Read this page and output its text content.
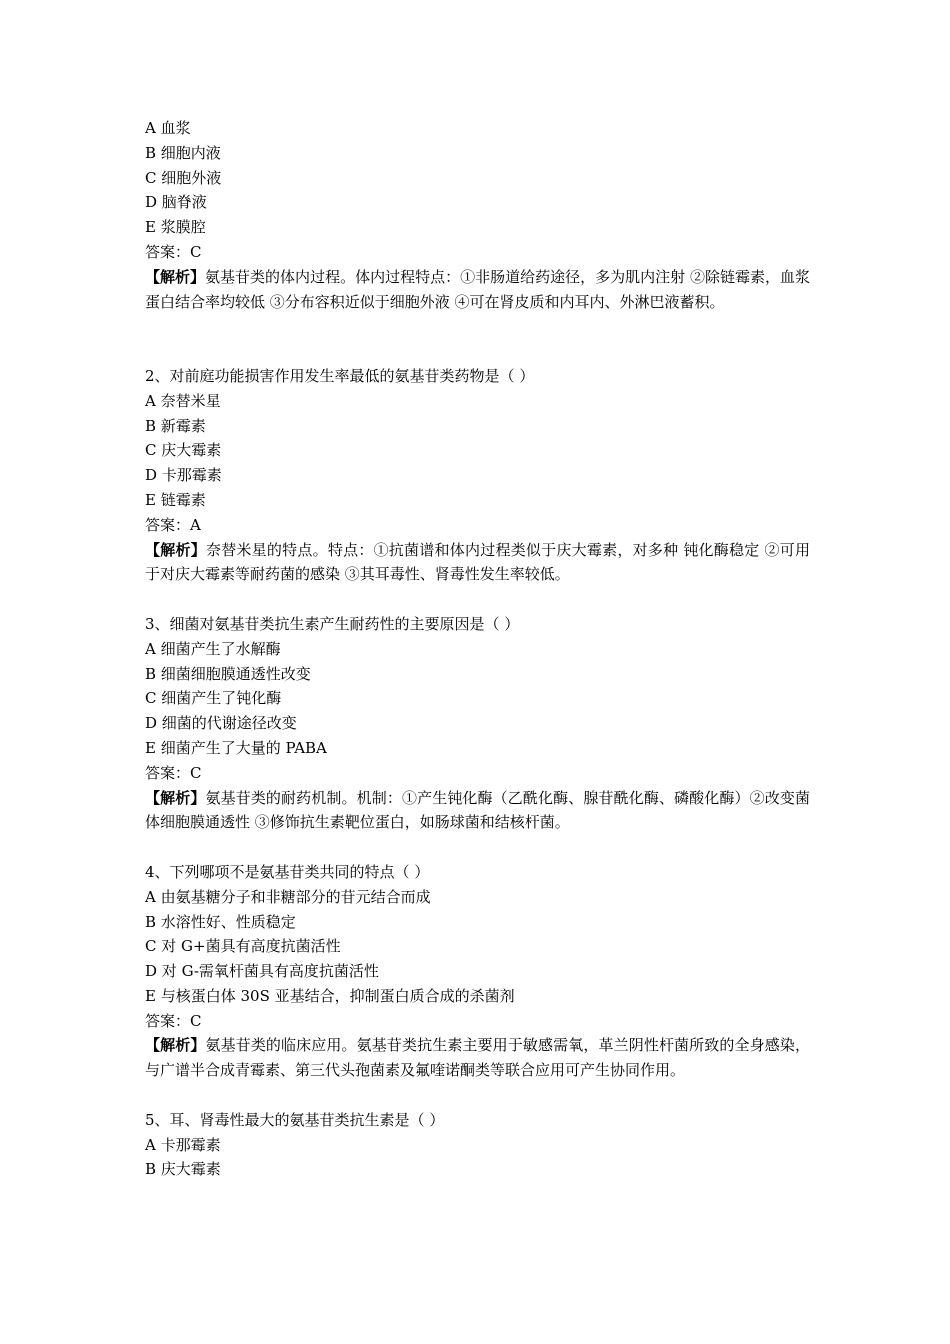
A 血浆

B 细胞内液

C 细胞外液

D 脑脊液

E 浆膜腔

答案：C

【解析】氨基苷类的体内过程。体内过程特点：①非肠道给药途径，多为肌内注射 ②除链霉素，血浆蛋白结合率均较低 ③分布容积近似于细胞外液 ④可在肾皮质和内耳内、外淋巴液蓄积。

2、对前庭功能损害作用发生率最低的氨基苷类药物是（ ）

A 奈替米星

B 新霉素

C 庆大霉素

D 卡那霉素

E 链霉素

答案：A

【解析】奈替米星的特点。特点：①抗菌谱和体内过程类似于庆大霉素，对多种 钝化酶稳定 ②可用于对庆大霉素等耐药菌的感染 ③其耳毒性、肾毒性发生率较低。

3、细菌对氨基苷类抗生素产生耐药性的主要原因是（ ）

A 细菌产生了水解酶

B 细菌细胞膜通透性改变

C 细菌产生了钝化酶

D 细菌的代谢途径改变

E 细菌产生了大量的 PABA

答案：C

【解析】氨基苷类的耐药机制。机制：①产生钝化酶（乙酰化酶、腺苷酰化酶、磷酸化酶）②改变菌体细胞膜通透性 ③修饰抗生素靶位蛋白，如肠球菌和结核杆菌。

4、下列哪项不是氨基苷类共同的特点（ ）

A 由氨基糖分子和非糖部分的苷元结合而成

B 水溶性好、性质稳定

C 对 G+菌具有高度抗菌活性

D 对 G-需氧杆菌具有高度抗菌活性

E 与核蛋白体 30S 亚基结合，抑制蛋白质合成的杀菌剂

答案：C

【解析】氨基苷类的临床应用。氨基苷类抗生素主要用于敏感需氧，革兰阴性杆菌所致的全身感染，与广谱半合成青霉素、第三代头孢菌素及氟喹诺酮类等联合应用可产生协同作用。

5、耳、肾毒性最大的氨基苷类抗生素是（ ）

A 卡那霉素

B 庆大霉素
